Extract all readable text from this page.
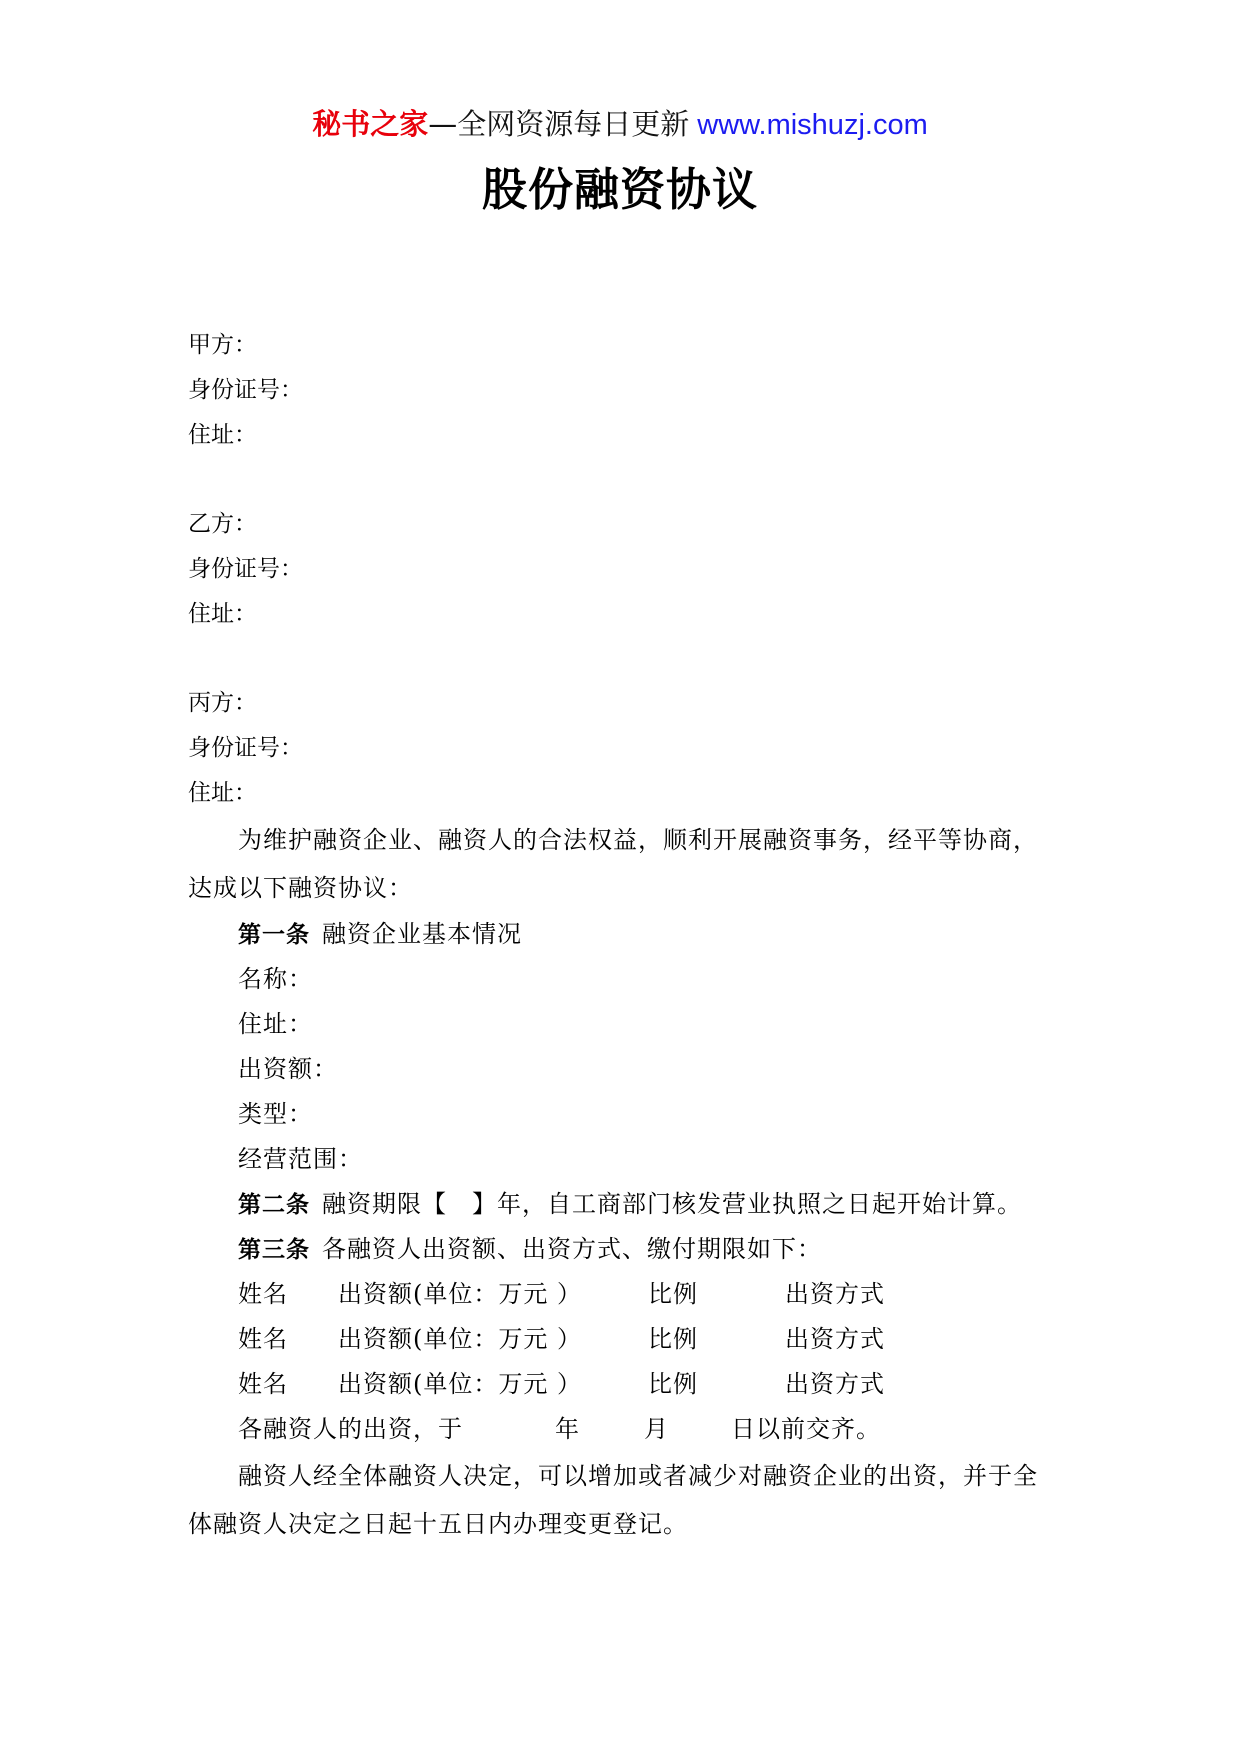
秘书之家—全网资源每日更新 www.mishuzj.com
股份融资协议
甲方：
身份证号：
住址：
乙方：
身份证号：
住址：
丙方：
身份证号：
住址：
为维护融资企业、融资人的合法权益，顺利开展融资事务，经平等协商，
达成以下融资协议：
第一条 融资企业基本情况
名称：
住址：
出资额：
类型：
经营范围：
第二条 融资期限【　】年，自工商部门核发营业执照之日起开始计算。
第三条 各融资人出资额、出资方式、缴付期限如下：
姓名 出资额(单位：万元 ）	比例	出资方式
姓名 出资额(单位：万元 ）	比例	出资方式
姓名 出资额(单位：万元 ）	比例	出资方式
各融资人的出资，于	年	月	日以前交齐。
融资人经全体融资人决定，可以增加或者减少对融资企业的出资，并于全
体融资人决定之日起十五日内办理变更登记。
